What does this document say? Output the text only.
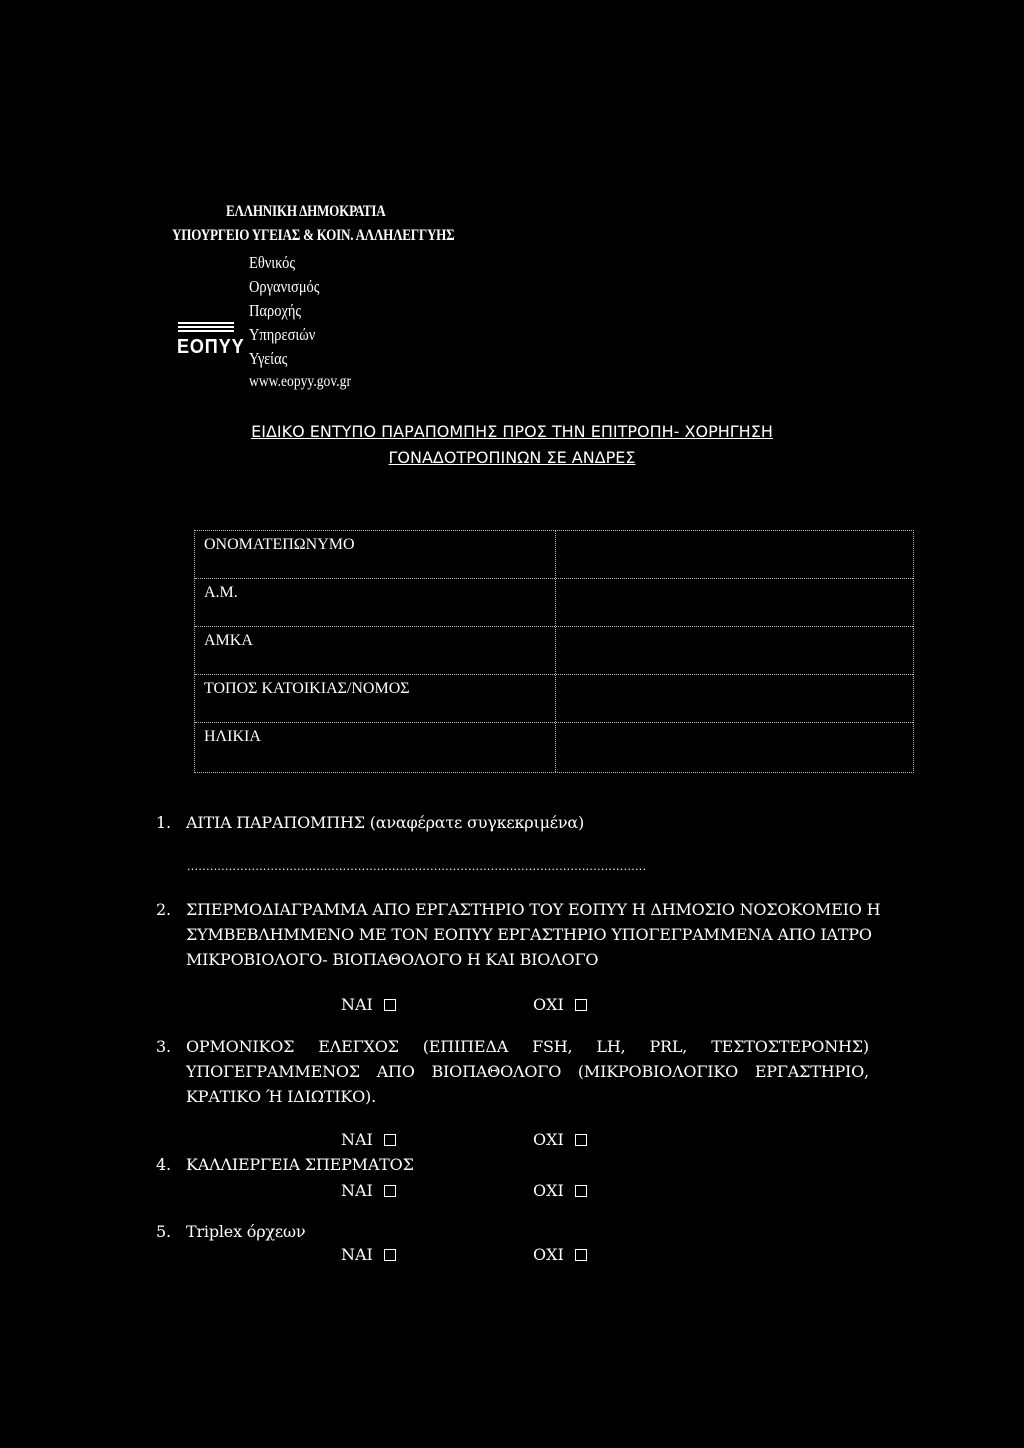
ΕΛΛΗΝΙΚΗ ΔΗΜΟΚΡΑΤΙΑ
ΥΠΟΥΡΓΕΙΟ ΥΓΕΙΑΣ & ΚΟΙΝ. ΑΛΛΗΛΕΓΓΥΗΣ
Εθνικός
Οργανισμός
Παροχής
Υπηρεσιών
Υγείας
www.eopyy.gov.gr
EOΠΥΥ
ΕΙΔΙΚΟ ΕΝΤΥΠΟ ΠΑΡΑΠΟΜΠΗΣ ΠΡΟΣ ΤΗΝ ΕΠΙΤΡΟΠΗ- ΧΟΡΗΓΗΣΗ
ΓΟΝΑΔΟΤΡΟΠΙΝΩΝ ΣΕ ΑΝΔΡΕΣ
ΟΝΟΜΑΤΕΠΩΝΥΜΟ
Α.Μ.
ΑΜΚΑ
ΤΟΠΟΣ ΚΑΤΟΙΚΙΑΣ/ΝΟΜΟΣ
ΗΛΙΚΙΑ
1. ΑΙΤΙΑ ΠΑΡΑΠΟΜΠΗΣ (αναφέρατε συγκεκριμένα)
.........................................................................................................................
2. ΣΠΕΡΜΟΔΙΑΓΡΑΜΜΑ ΑΠΟ ΕΡΓΑΣΤΗΡΙΟ ΤΟΥ ΕΟΠΥΥ Η ΔΗΜΟΣΙΟ ΝΟΣΟΚΟΜΕΙΟ Η
ΣΥΜΒΕΒΛΗΜΜΕΝΟ ΜΕ ΤΟΝ ΕΟΠΥΥ ΕΡΓΑΣΤΗΡΙΟ ΥΠΟΓΕΓΡΑΜΜΕΝΑ ΑΠΟ ΙΑΤΡΟ
ΜΙΚΡΟΒΙΟΛΟΓΟ- ΒΙΟΠΑΘΟΛΟΓΟ Η ΚΑΙ ΒΙΟΛΟΓΟ
ΝΑΙ	ΟΧΙ
3. ΟΡΜΟΝΙΚΟΣ ΕΛΕΓΧΟΣ (ΕΠΙΠΕΔΑ FSH, LH, PRL, ΤΕΣΤΟΣΤΕΡΟΝΗΣ)
ΥΠΟΓΕΓΡΑΜΜΕΝΟΣ ΑΠΟ ΒΙΟΠΑΘΟΛΟΓΟ (ΜΙΚΡΟΒΙΟΛΟΓΙΚΟ ΕΡΓΑΣΤΗΡΙΟ,
ΚΡΑΤΙΚΟ Ή ΙΔΙΩΤΙΚΟ).
ΝΑΙ	ΟΧΙ
4. ΚΑΛΛΙΕΡΓΕΙΑ ΣΠΕΡΜΑΤΟΣ
ΝΑΙ	ΟΧΙ
5. Triplex όρχεων
ΝΑΙ	ΟΧΙ
